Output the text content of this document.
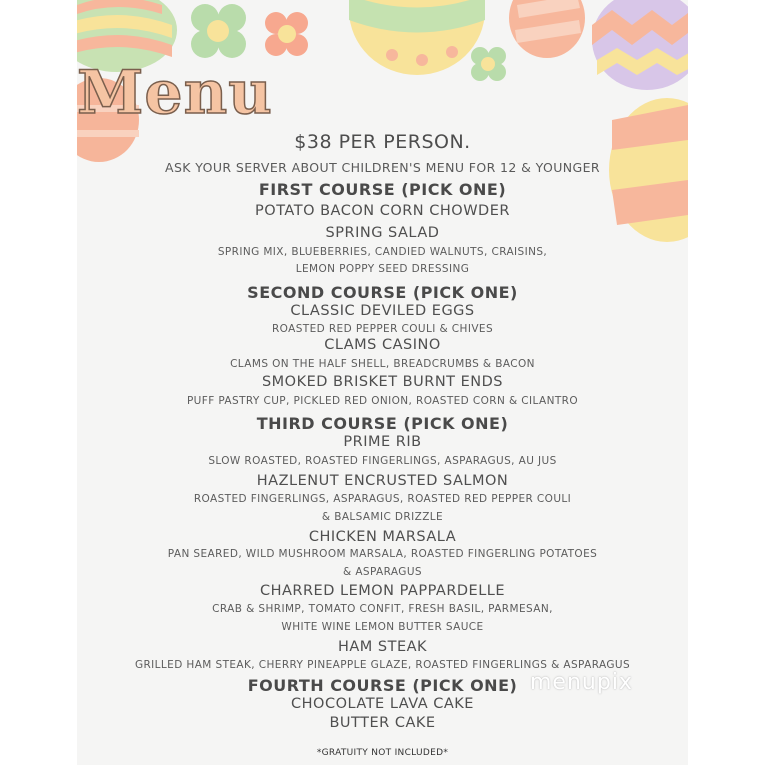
Menu
$38 PER PERSON.
ASK YOUR SERVER ABOUT CHILDREN'S MENU FOR 12 & YOUNGER
FIRST COURSE (PICK ONE)
POTATO BACON CORN CHOWDER
SPRING SALAD
SPRING MIX, BLUEBERRIES, CANDIED WALNUTS, CRAISINS,
LEMON POPPY SEED DRESSING
SECOND COURSE (PICK ONE)
CLASSIC DEVILED EGGS
ROASTED RED PEPPER COULI & CHIVES
CLAMS CASINO
CLAMS ON THE HALF SHELL, BREADCRUMBS & BACON
SMOKED BRISKET BURNT ENDS
PUFF PASTRY CUP, PICKLED RED ONION, ROASTED CORN & CILANTRO
THIRD COURSE (PICK ONE)
PRIME RIB
SLOW ROASTED, ROASTED FINGERLINGS, ASPARAGUS, AU JUS
HAZLENUT ENCRUSTED SALMON
ROASTED FINGERLINGS, ASPARAGUS, ROASTED RED PEPPER COULI
& BALSAMIC DRIZZLE
CHICKEN MARSALA
PAN SEARED, WILD MUSHROOM MARSALA, ROASTED FINGERLING POTATOES
& ASPARAGUS
CHARRED LEMON PAPPARDELLE
CRAB & SHRIMP, TOMATO CONFIT, FRESH BASIL, PARMESAN,
WHITE WINE LEMON BUTTER SAUCE
HAM STEAK
GRILLED HAM STEAK, CHERRY PINEAPPLE GLAZE, ROASTED FINGERLINGS & ASPARAGUS
FOURTH COURSE (PICK ONE)
CHOCOLATE LAVA CAKE
BUTTER CAKE
*GRATUITY NOT INCLUDED*
menupix
